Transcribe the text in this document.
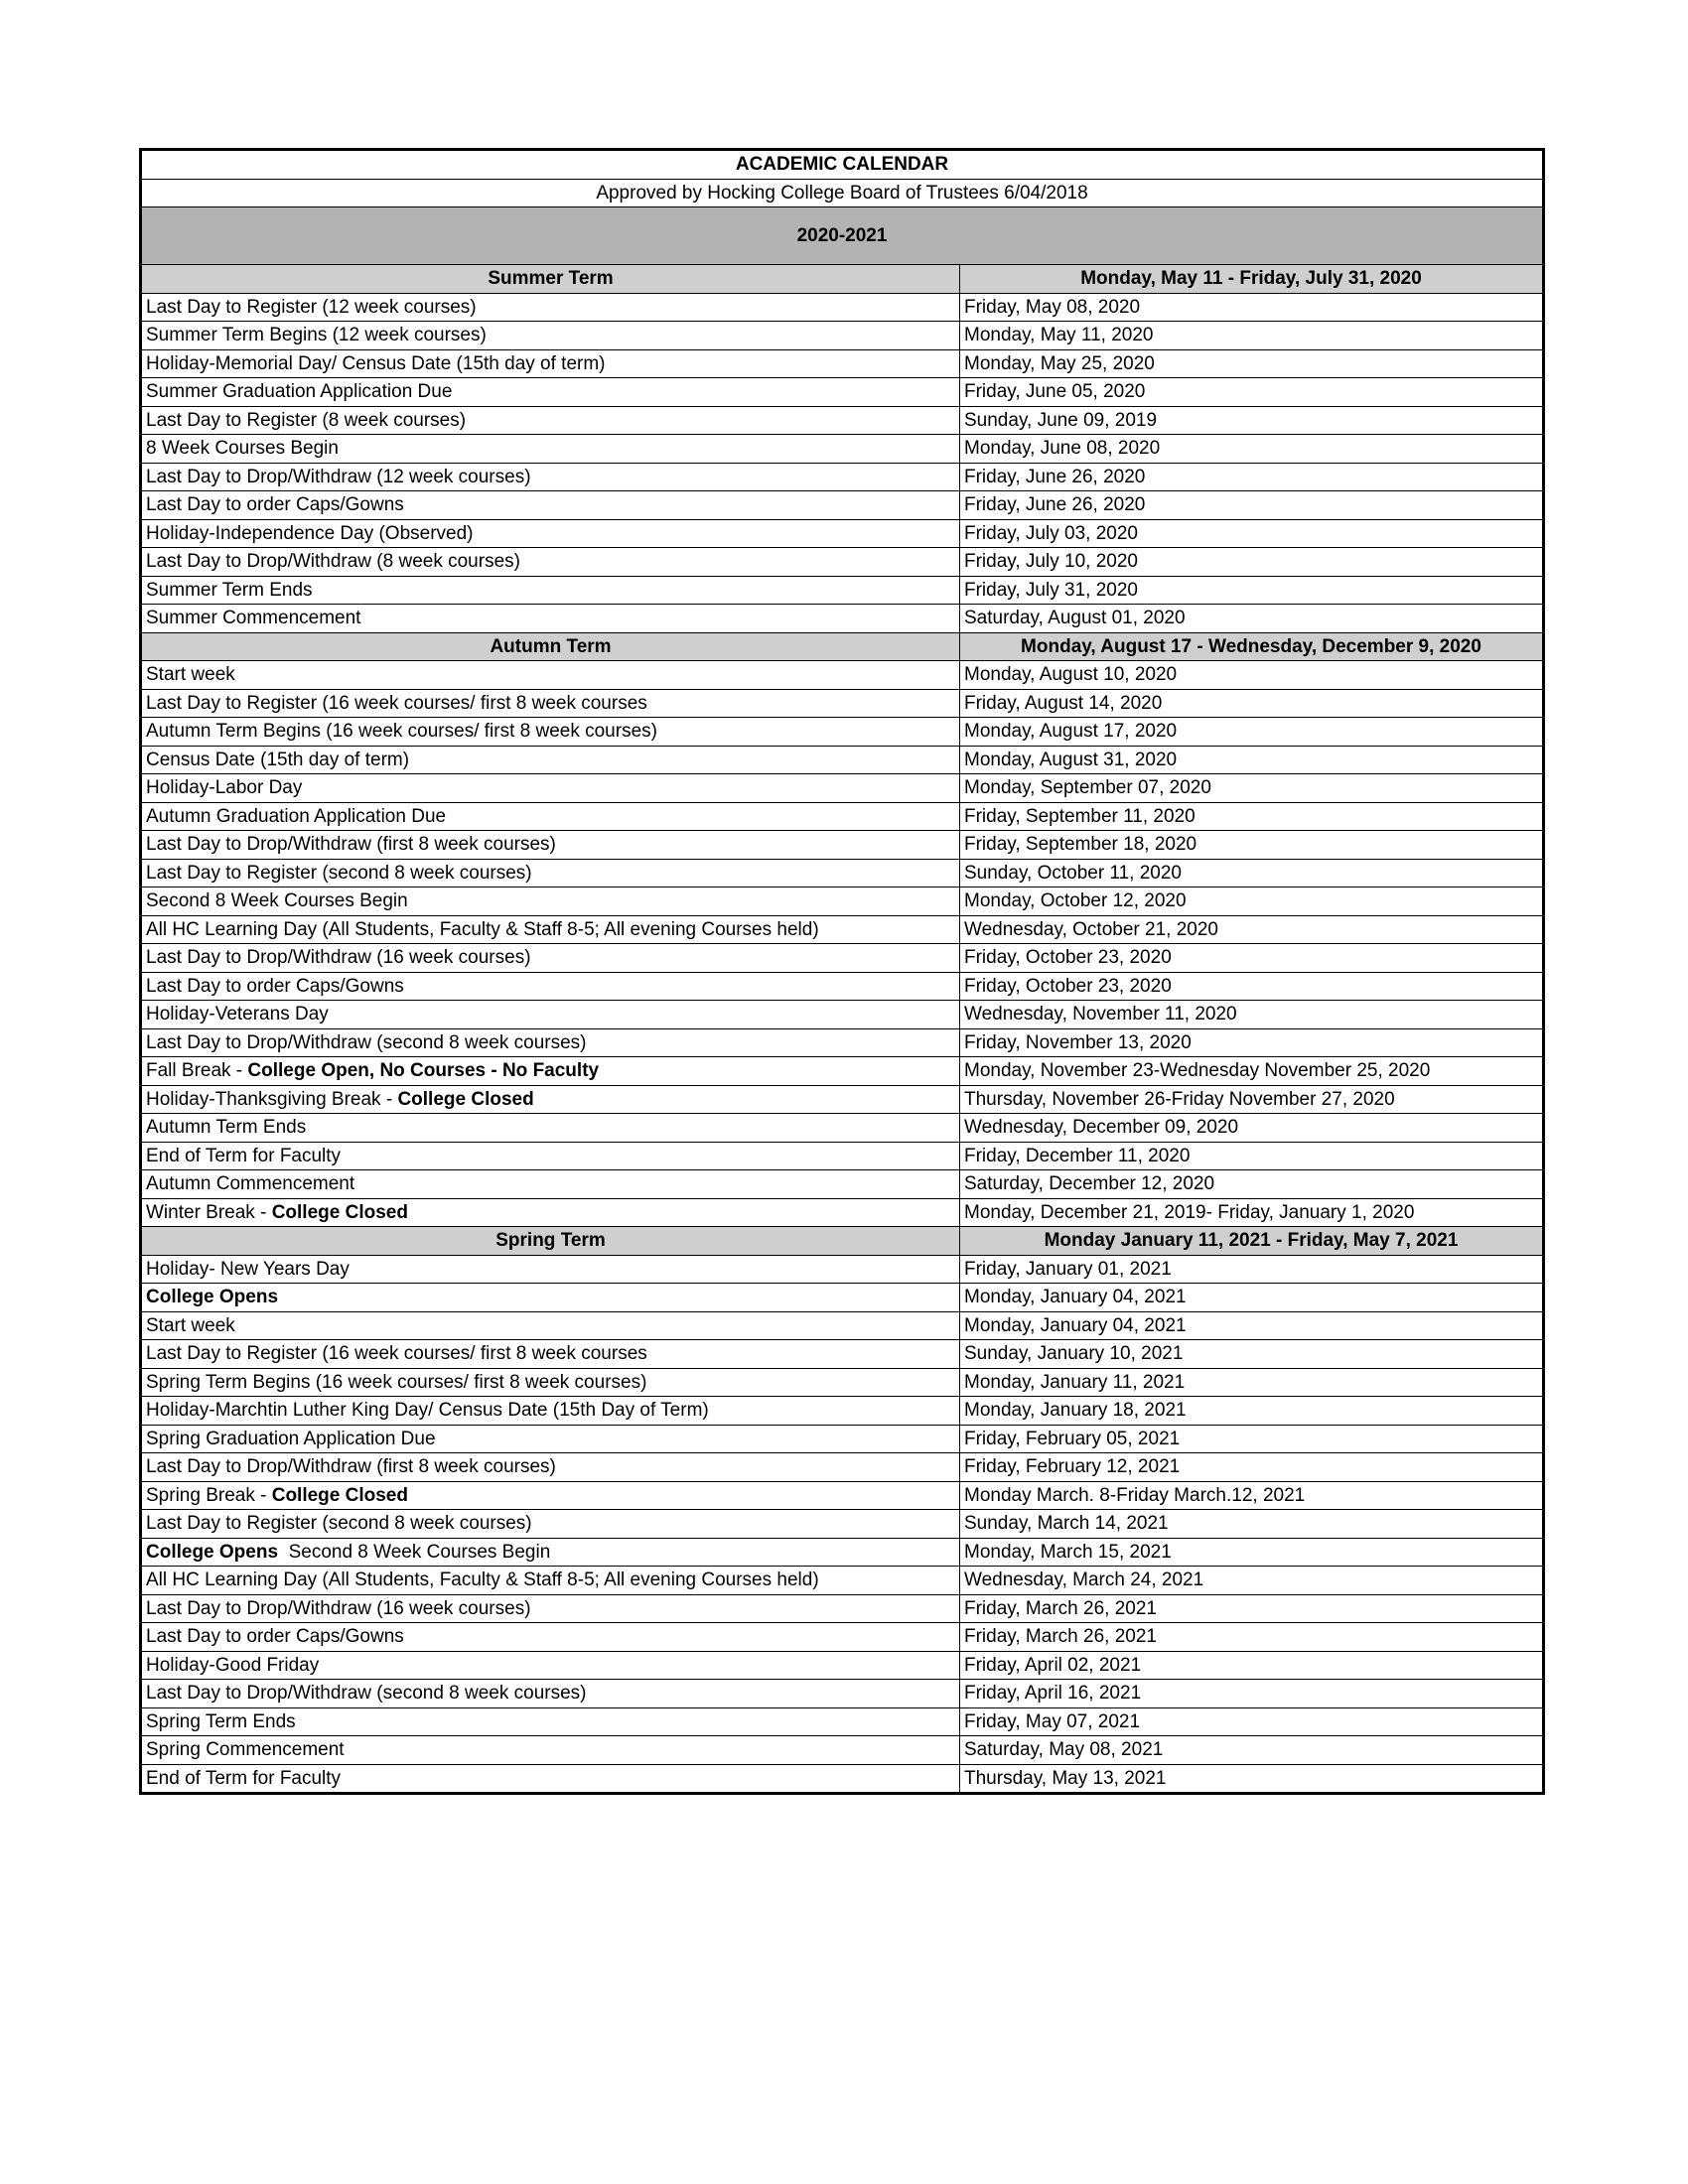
ACADEMIC CALENDAR	
Approved by Hocking College Board of Trustees 6/04/2018	
2020-2021	
Summer Term	Monday, May 11 - Friday, July 31, 2020
Last Day to Register (12 week courses)	Friday, May 08, 2020
Summer Term Begins (12 week courses)	Monday, May 11, 2020
Holiday-Memorial Day/ Census Date (15th day of term)	Monday, May 25, 2020
Summer Graduation Application Due	Friday, June 05, 2020
Last Day to Register (8 week courses)	Sunday, June 09, 2019
8 Week Courses Begin	Monday, June 08, 2020
Last Day to Drop/Withdraw (12 week courses)	Friday, June 26, 2020
Last Day to order Caps/Gowns	Friday, June 26, 2020
Holiday-Independence Day (Observed)	Friday, July 03, 2020
Last Day to Drop/Withdraw (8 week courses)	Friday, July 10, 2020
Summer Term Ends	Friday, July 31, 2020
Summer Commencement	Saturday, August 01, 2020
Autumn Term	Monday, August 17 - Wednesday, December 9, 2020
Start week	Monday, August 10, 2020
Last Day to Register (16 week courses/ first 8 week courses	Friday, August 14, 2020
Autumn Term Begins (16 week courses/ first 8 week courses)	Monday, August 17, 2020
Census Date (15th day of term)	Monday, August 31, 2020
Holiday-Labor Day	Monday, September 07, 2020
Autumn Graduation Application Due	Friday, September 11, 2020
Last Day to Drop/Withdraw (first 8 week courses)	Friday, September 18, 2020
Last Day to Register (second 8 week courses)	Sunday, October 11, 2020
Second 8 Week Courses Begin	Monday, October 12, 2020
All HC Learning Day (All Students, Faculty & Staff 8-5; All evening Courses held)	Wednesday, October 21, 2020
Last Day to Drop/Withdraw (16 week courses)	Friday, October 23, 2020
Last Day to order Caps/Gowns	Friday, October 23, 2020
Holiday-Veterans Day	Wednesday, November 11, 2020
Last Day to Drop/Withdraw (second 8 week courses)	Friday, November 13, 2020
Fall Break - College Open, No Courses - No Faculty	Monday, November 23-Wednesday November 25, 2020
Holiday-Thanksgiving Break - College Closed	Thursday, November 26-Friday November 27, 2020
Autumn Term Ends	Wednesday, December 09, 2020
End of Term for Faculty	Friday, December 11, 2020
Autumn Commencement	Saturday, December 12, 2020
Winter Break - College Closed	Monday, December 21, 2019- Friday, January 1, 2020
Spring Term	Monday January 11, 2021 - Friday, May 7, 2021
Holiday- New Years Day	Friday, January 01, 2021
College Opens	Monday, January 04, 2021
Start week	Monday, January 04, 2021
Last Day to Register (16 week courses/ first 8 week courses	Sunday, January 10, 2021
Spring Term Begins (16 week courses/ first 8 week courses)	Monday, January 11, 2021
Holiday-Marchtin Luther King Day/ Census Date (15th Day of Term)	Monday, January 18, 2021
Spring Graduation Application Due	Friday, February 05, 2021
Last Day to Drop/Withdraw (first 8 week courses)	Friday, February 12, 2021
Spring Break - College Closed	Monday March. 8-Friday March.12, 2021
Last Day to Register (second 8 week courses)	Sunday, March 14, 2021
College Opens  Second 8 Week Courses Begin	Monday, March 15, 2021
All HC Learning Day (All Students, Faculty & Staff 8-5; All evening Courses held)	Wednesday, March 24, 2021
Last Day to Drop/Withdraw (16 week courses)	Friday, March 26, 2021
Last Day to order Caps/Gowns	Friday, March 26, 2021
Holiday-Good Friday	Friday, April 02, 2021
Last Day to Drop/Withdraw (second 8 week courses)	Friday, April 16, 2021
Spring Term Ends	Friday, May 07, 2021
Spring Commencement	Saturday, May 08, 2021
End of Term for Faculty	Thursday, May 13, 2021
